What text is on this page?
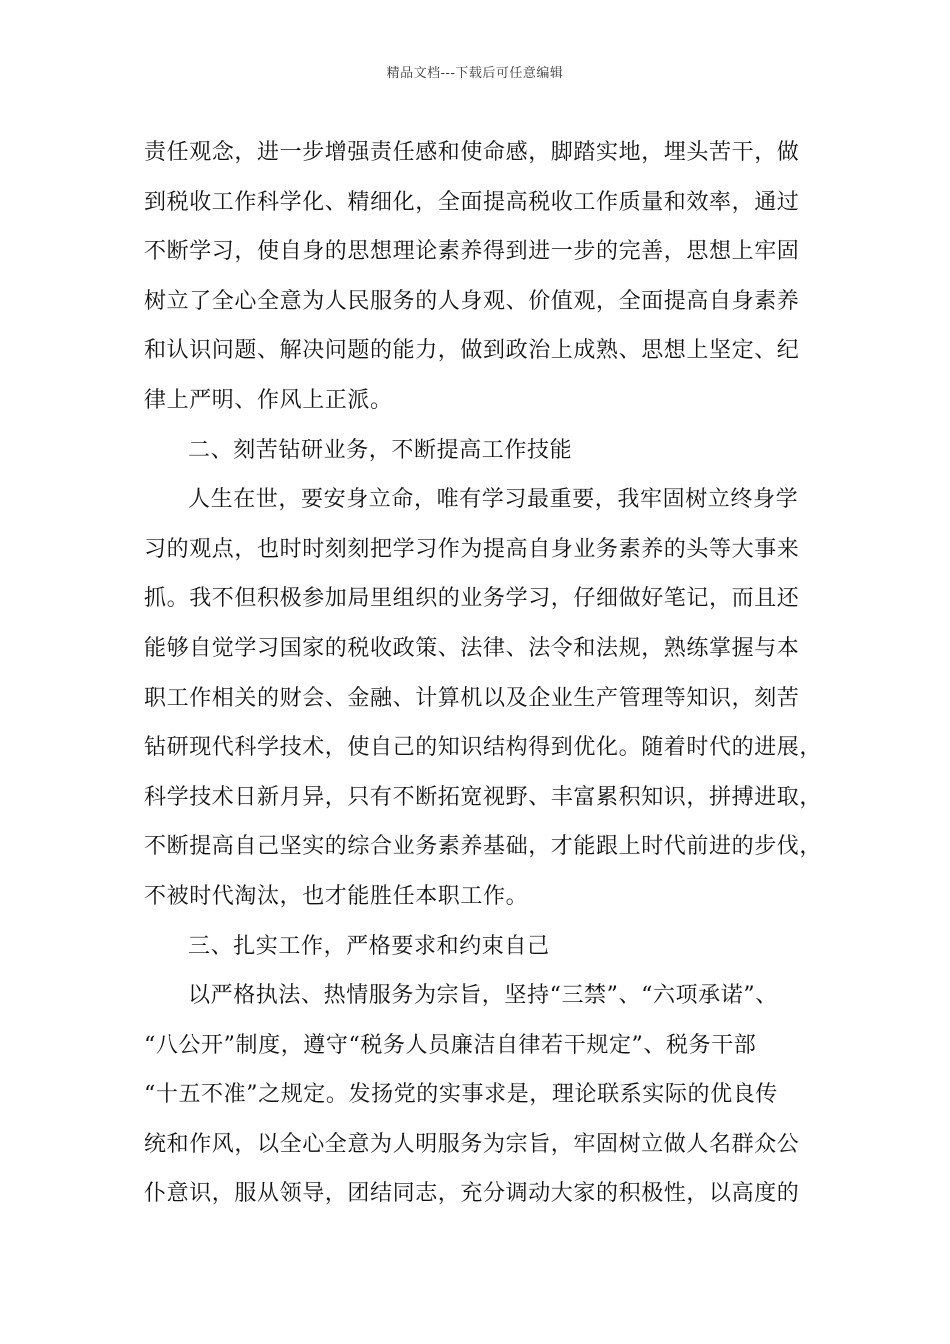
精品文档---下载后可任意编辑
责任观念，进一步增强责任感和使命感，脚踏实地，埋头苦干，做
到税收工作科学化、精细化，全面提高税收工作质量和效率，通过
不断学习，使自身的思想理论素养得到进一步的完善，思想上牢固
树立了全心全意为人民服务的人身观、价值观，全面提高自身素养
和认识问题、解决问题的能力，做到政治上成熟、思想上坚定、纪
律上严明、作风上正派。
二、刻苦钻研业务，不断提高工作技能
人生在世，要安身立命，唯有学习最重要，我牢固树立终身学
习的观点，也时时刻刻把学习作为提高自身业务素养的头等大事来
抓。我不但积极参加局里组织的业务学习，仔细做好笔记，而且还
能够自觉学习国家的税收政策、法律、法令和法规，熟练掌握与本
职工作相关的财会、金融、计算机以及企业生产管理等知识，刻苦
钻研现代科学技术，使自己的知识结构得到优化。随着时代的进展，
科学技术日新月异，只有不断拓宽视野、丰富累积知识，拼搏进取，
不断提高自己坚实的综合业务素养基础，才能跟上时代前进的步伐，
不被时代淘汰，也才能胜任本职工作。
三、扎实工作，严格要求和约束自己
以严格执法、热情服务为宗旨，坚持“三禁”、“六项承诺”、
“八公开”制度，遵守“税务人员廉洁自律若干规定”、税务干部
“十五不准”之规定。发扬党的实事求是，理论联系实际的优良传
统和作风，以全心全意为人明服务为宗旨，牢固树立做人名群众公
仆意识，服从领导，团结同志，充分调动大家的积极性，以高度的
